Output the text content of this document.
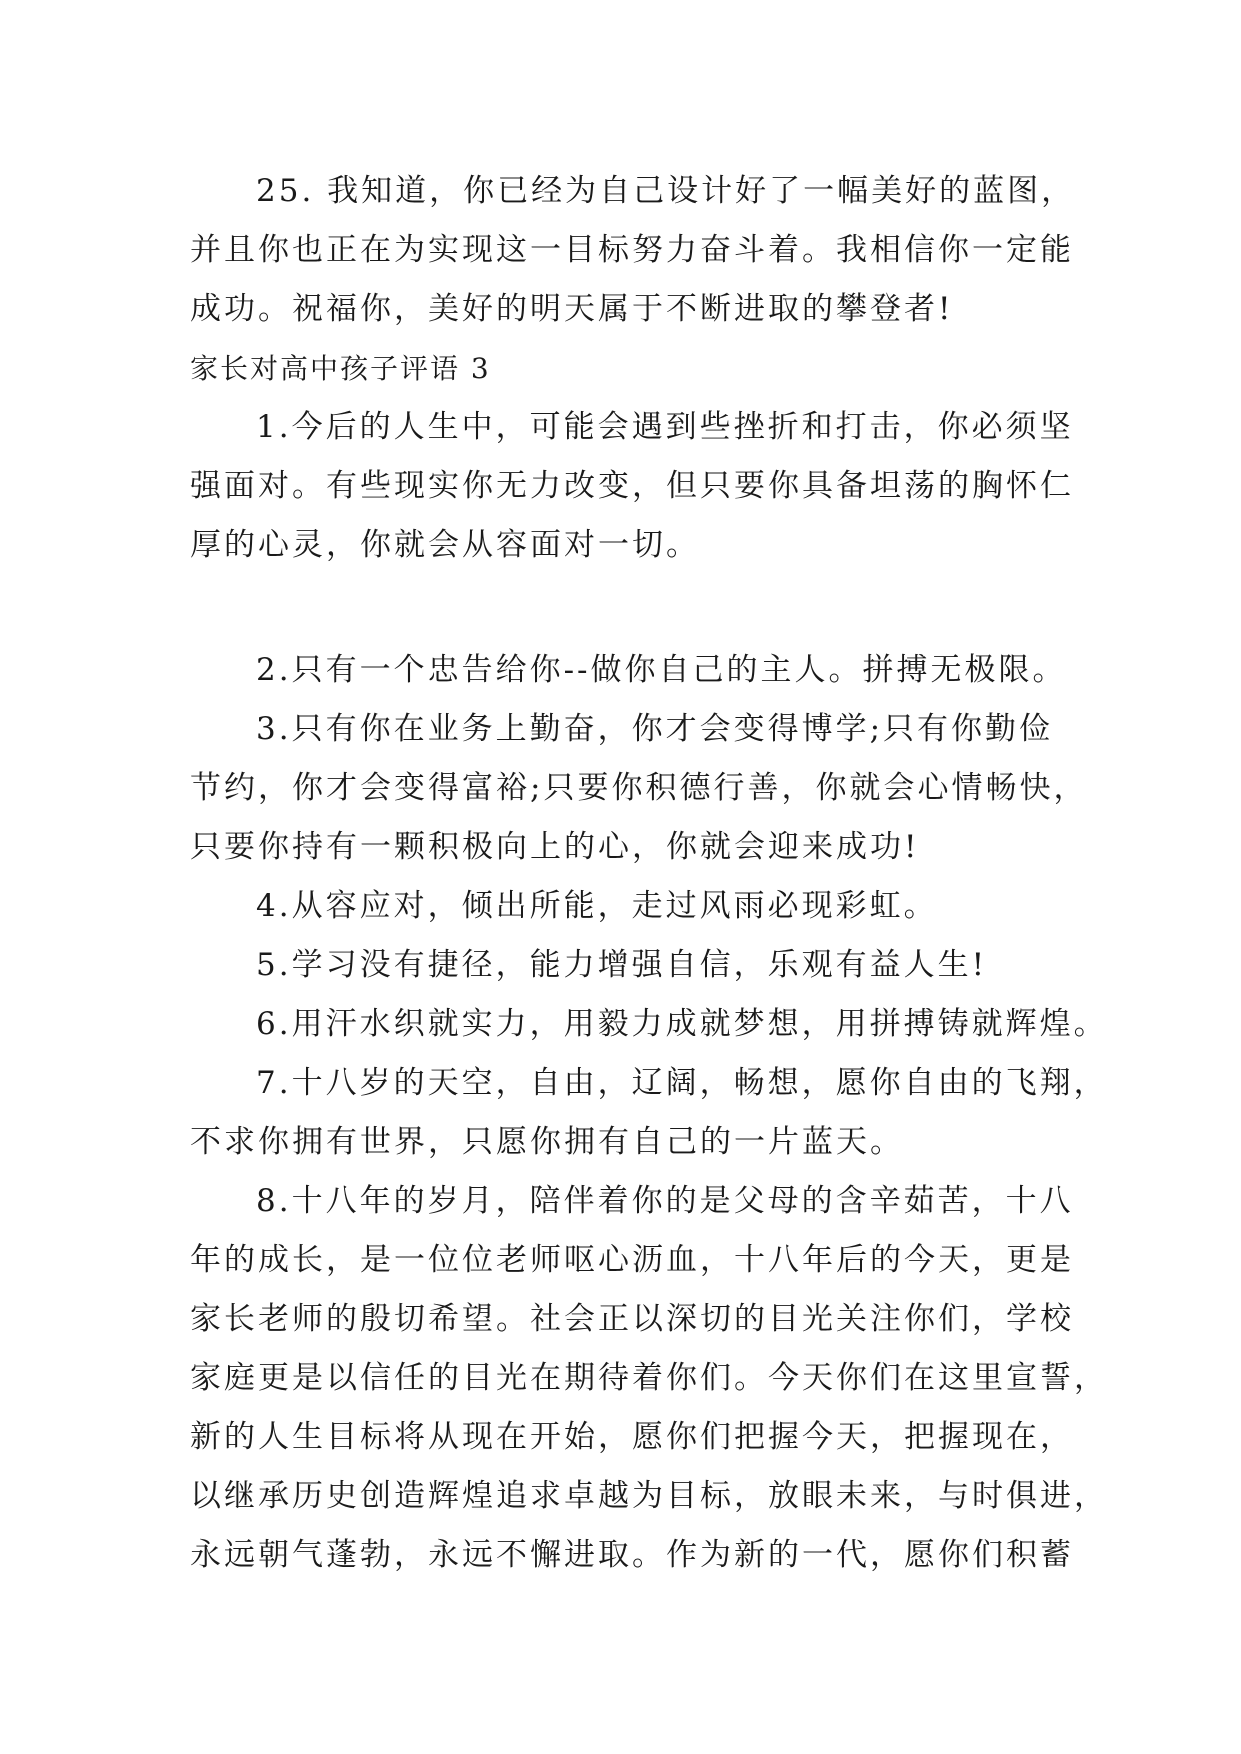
25. 我知道，你已经为自己设计好了一幅美好的蓝图，
并且你也正在为实现这一目标努力奋斗着。我相信你一定能
成功。祝福你，美好的明天属于不断进取的攀登者!
家长对高中孩子评语 3
1.今后的人生中，可能会遇到些挫折和打击，你必须坚
强面对。有些现实你无力改变，但只要你具备坦荡的胸怀仁
厚的心灵，你就会从容面对一切。
2.只有一个忠告给你--做你自己的主人。拼搏无极限。
3.只有你在业务上勤奋，你才会变得博学;只有你勤俭
节约，你才会变得富裕;只要你积德行善，你就会心情畅快，
只要你持有一颗积极向上的心，你就会迎来成功!
4.从容应对，倾出所能，走过风雨必现彩虹。
5.学习没有捷径，能力增强自信，乐观有益人生!
6.用汗水织就实力，用毅力成就梦想，用拼搏铸就辉煌。
7.十八岁的天空，自由，辽阔，畅想，愿你自由的飞翔，
不求你拥有世界，只愿你拥有自己的一片蓝天。
8.十八年的岁月，陪伴着你的是父母的含辛茹苦，十八
年的成长，是一位位老师呕心沥血，十八年后的今天，更是
家长老师的殷切希望。社会正以深切的目光关注你们，学校
家庭更是以信任的目光在期待着你们。今天你们在这里宣誓，
新的人生目标将从现在开始，愿你们把握今天，把握现在，
以继承历史创造辉煌追求卓越为目标，放眼未来，与时俱进，
永远朝气蓬勃，永远不懈进取。作为新的一代，愿你们积蓄
